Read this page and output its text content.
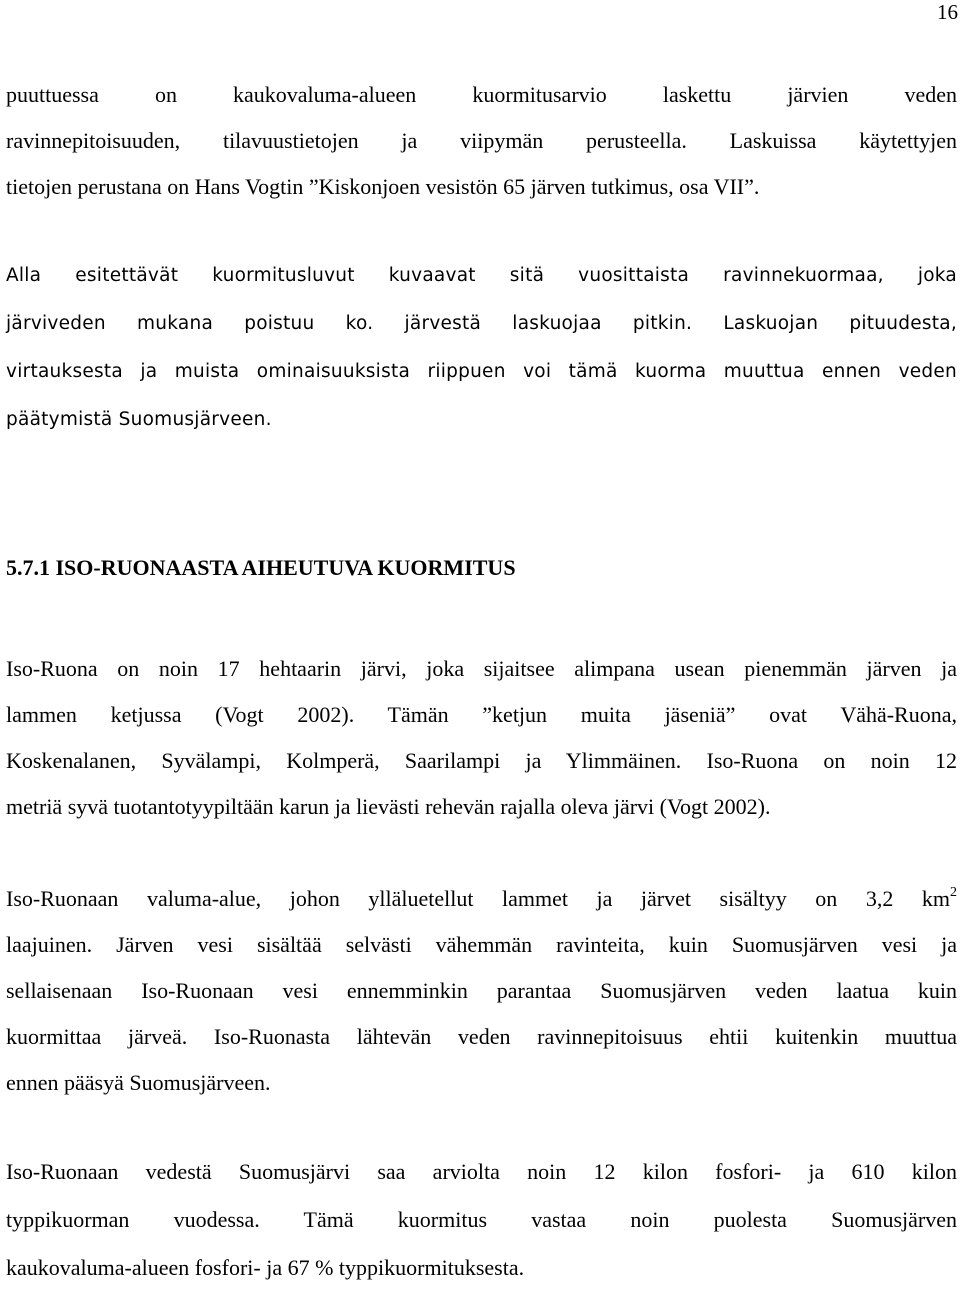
16
puuttuessa on kaukovaluma-alueen kuormitusarvio laskettu järvien veden
ravinnepitoisuuden, tilavuustietojen ja viipymän perusteella. Laskuissa käytettyjen
tietojen perustana on Hans Vogtin ”Kiskonjoen vesistön 65 järven tutkimus, osa VII”.
Alla esitettävät kuormitusluvut kuvaavat sitä vuosittaista ravinnekuormaa, joka
järviveden mukana poistuu ko. järvestä laskuojaa pitkin. Laskuojan pituudesta,
virtauksesta ja muista ominaisuuksista riippuen voi tämä kuorma muuttua ennen veden
päätymistä Suomusjärveen.
5.7.1 ISO-RUONAASTA AIHEUTUVA KUORMITUS
Iso-Ruona on noin 17 hehtaarin järvi, joka sijaitsee alimpana usean pienemmän järven ja
lammen ketjussa (Vogt 2002). Tämän ”ketjun muita jäseniä” ovat Vähä-Ruona,
Koskenalanen, Syvälampi, Kolmperä, Saarilampi ja Ylimmäinen. Iso-Ruona on noin 12
metriä syvä tuotantotyypiltään karun ja lievästi rehevän rajalla oleva järvi (Vogt 2002).
Iso-Ruonaan valuma-alue, johon ylläluetellut lammet ja järvet sisältyy on 3,2 $km^2$
laajuinen. Järven vesi sisältää selvästi vähemmän ravinteita, kuin Suomusjärven vesi ja
sellaisenaan Iso-Ruonaan vesi ennemminkin parantaa Suomusjärven veden laatua kuin
kuormittaa järveä. Iso-Ruonasta lähtevän veden ravinnepitoisuus ehtii kuitenkin muuttua
ennen pääsyä Suomusjärveen.
Iso-Ruonaan vedestä Suomusjärvi saa arviolta noin 12 kilon fosfori- ja 610 kilon
typpikuorman vuodessa. Tämä kuormitus vastaa noin puolesta Suomusjärven
kaukovaluma-alueen fosfori- ja 67 % typpikuormituksesta.
